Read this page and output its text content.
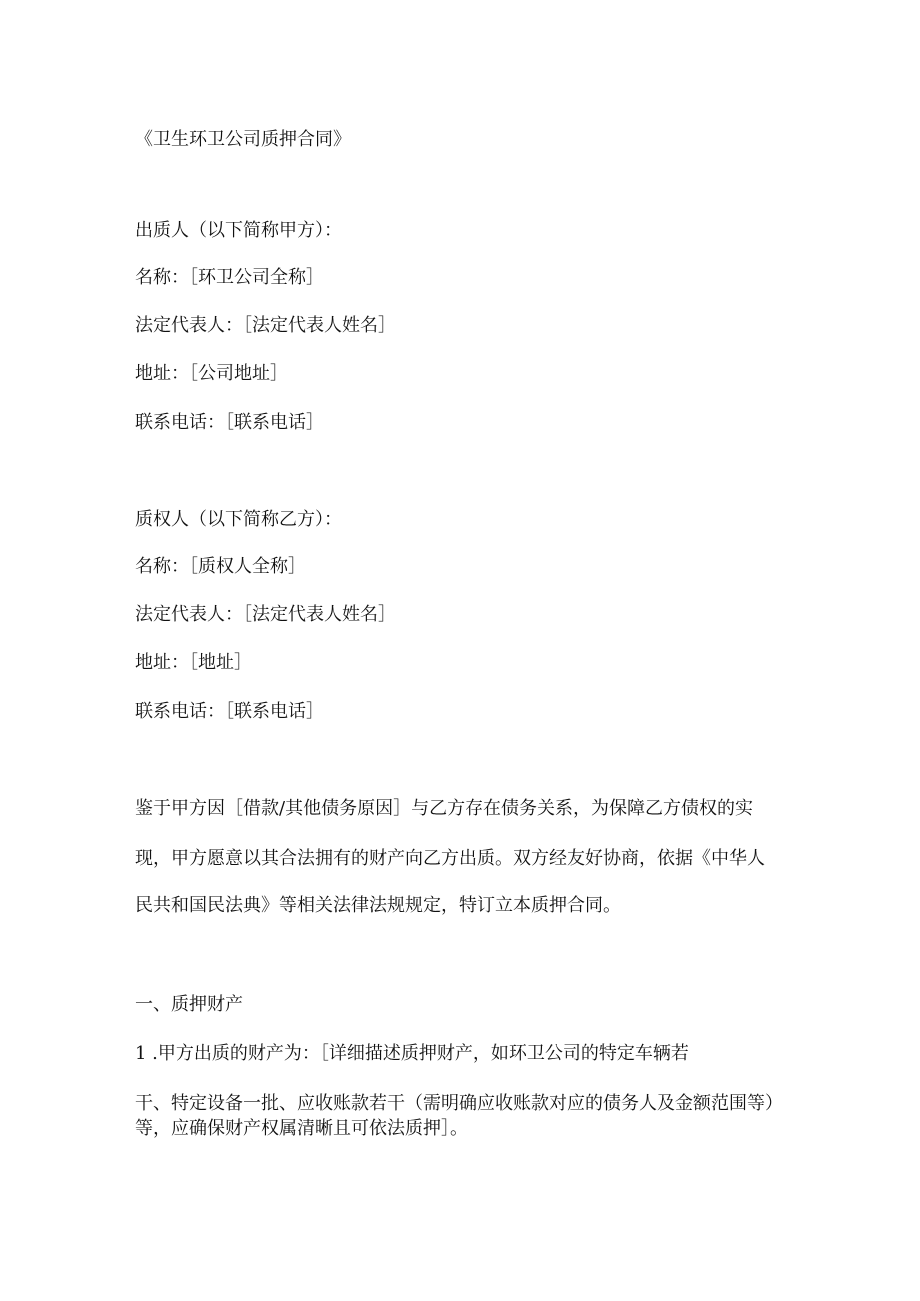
《卫生环卫公司质押合同》

出质人（以下简称甲方）：

名称：［环卫公司全称］

法定代表人：［法定代表人姓名］

地址：［公司地址］

联系电话：［联系电话］

质权人（以下简称乙方）：

名称：［质权人全称］

法定代表人：［法定代表人姓名］

地址：［地址］

联系电话：［联系电话］

鉴于甲方因［借款/其他债务原因］与乙方存在债务关系，为保障乙方债权的实

现，甲方愿意以其合法拥有的财产向乙方出质。双方经友好协商，依据《中华人

民共和国民法典》等相关法律法规规定，特订立本质押合同。

一、质押财产

1 .甲方出质的财产为：［详细描述质押财产，如环卫公司的特定车辆若

干、特定设备一批、应收账款若干（需明确应收账款对应的债务人及金额范围等）

等，应确保财产权属清晰且可依法质押］。
